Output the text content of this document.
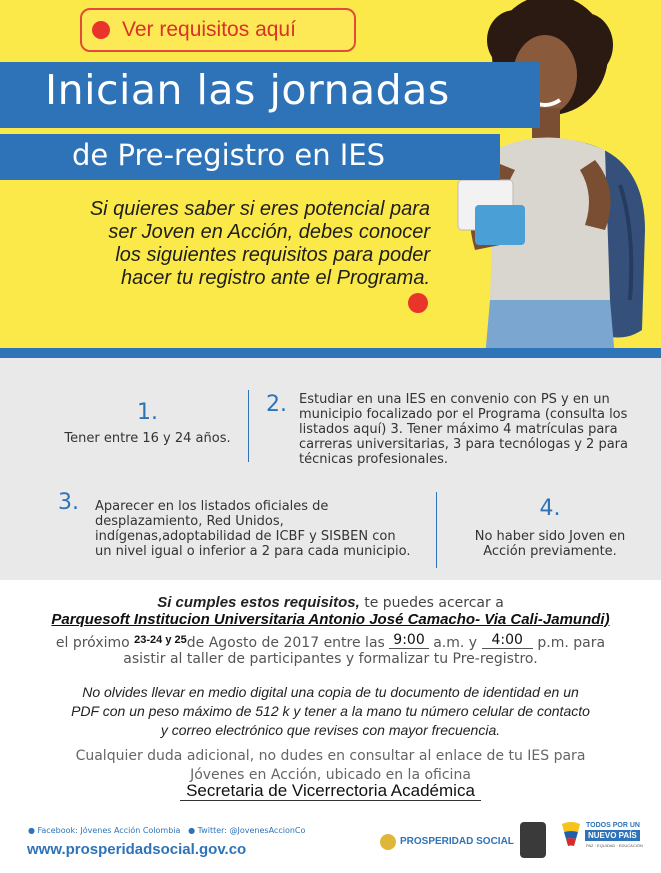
Ver requisitos aquí
Inician las jornadas
de Pre-registro en IES
Si quieres saber si eres potencial para
ser Joven en Acción, debes conocer
los siguientes requisitos para poder
hacer tu registro ante el Programa.
1.
Tener entre 16 y 24 años.
2. Estudiar en una IES en convenio con PS y en un
municipio focalizado por el Programa (consulta los
listados aquí) 3. Tener máximo 4 matrículas para
carreras universitarias, 3 para tecnólogas y 2 para
técnicas profesionales.
3.	Aparecer en los listados oficiales de
desplazamiento, Red Unidos,
indígenas,adoptabilidad de ICBF y SISBEN con
un nivel igual o inferior a 2 para cada municipio.
4.
No haber sido Joven en
Acción previamente.
Si cumples estos requisitos, te puedes acercar a
Parquesoft Institucion Universitaria Antonio José Camacho- Via Cali-Jamundi)
el próximo $^{23-24 y 25}$de Agosto de 2017 entre las 9:00 a.m. y 4:00 p.m. para
asistir al taller de participantes y formalizar tu Pre-registro.
No olvides llevar en medio digital una copia de tu documento de identidad en un
PDF con un peso máximo de 512 k y tener a la mano tu número celular de contacto
y correo electrónico que revises con mayor frecuencia.
Cualquier duda adicional, no dudes en consultar al enlace de tu IES para
Jóvenes en Acción, ubicado en la oficina
Secretaria de Vicerrectoria Académica
● Facebook: Jóvenes Acción Colombia ● Twitter: @JovenesAccionCo
www.prosperidadsocial.gov.co	PROSPERIDAD SOCIAL
TODOS POR UN
NUEVO PAÍS
PAZ · EQUIDAD · EDUCACIÓN
